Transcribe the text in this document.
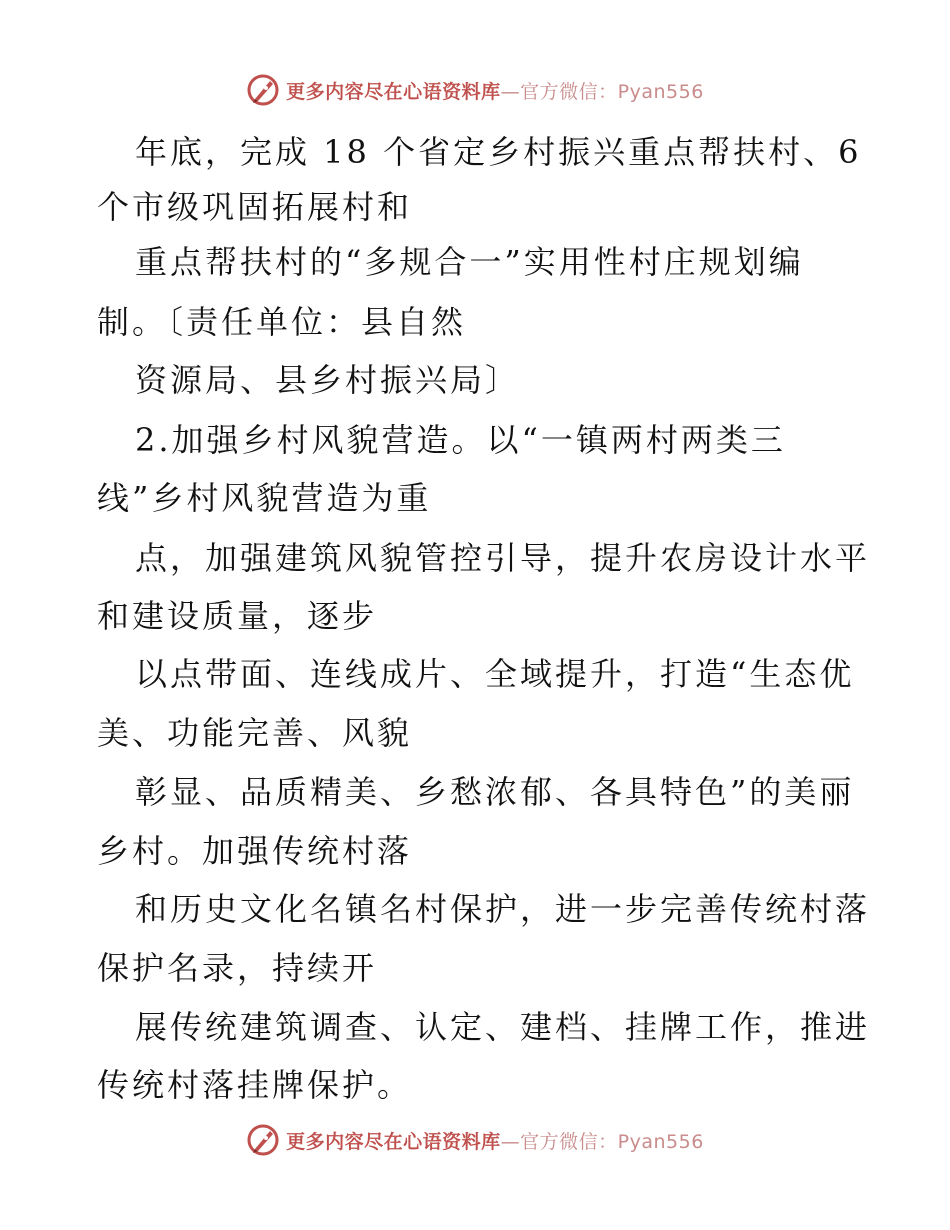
更多内容尽在心语资料库—官方微信：Pyan556
年底，完成 18 个省定乡村振兴重点帮扶村、6
个市级巩固拓展村和
重点帮扶村的“多规合一”实用性村庄规划编
制。〔责任单位：县自然
资源局、县乡村振兴局〕
2.加强乡村风貌营造。以“一镇两村两类三
线”乡村风貌营造为重
点，加强建筑风貌管控引导，提升农房设计水平
和建设质量，逐步
以点带面、连线成片、全域提升，打造“生态优
美、功能完善、风貌
彰显、品质精美、乡愁浓郁、各具特色”的美丽
乡村。加强传统村落
和历史文化名镇名村保护，进一步完善传统村落
保护名录，持续开
展传统建筑调查、认定、建档、挂牌工作，推进
传统村落挂牌保护。
更多内容尽在心语资料库—官方微信：Pyan556
